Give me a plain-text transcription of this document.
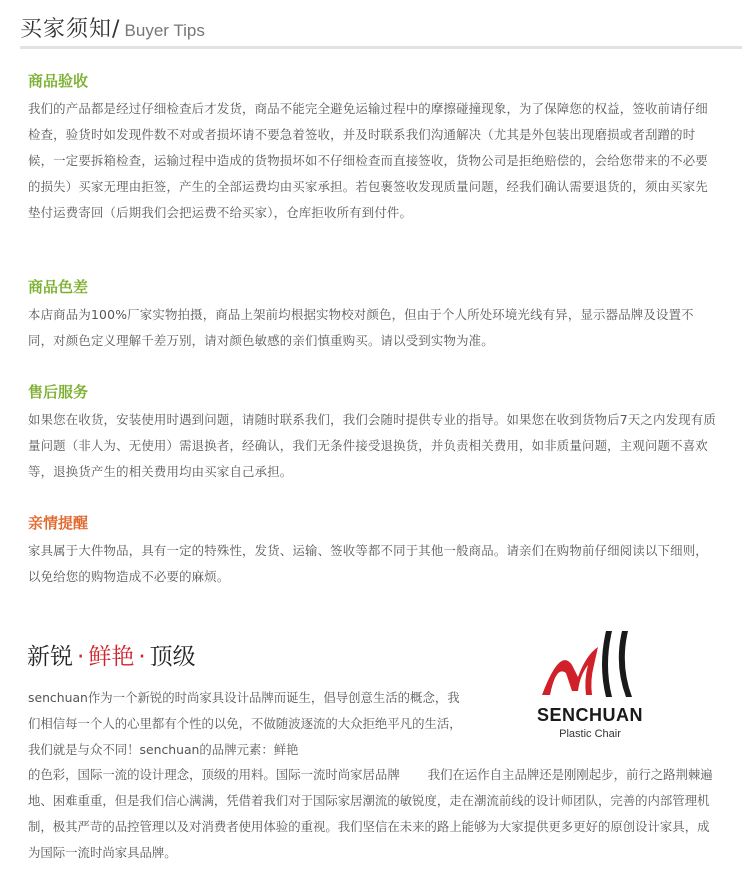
买家须知/ Buyer Tips
商品验收

我们的产品都是经过仔细检查后才发货，商品不能完全避免运输过程中的摩擦碰撞现象，为了保障您的权益，签收前请仔细检查，验货时如发现件数不对或者损坏请不要急着签收，并及时联系我们沟通解决（尤其是外包装出现磨损或者刮蹭的时候，一定要拆箱检查，运输过程中造成的货物损坏如不仔细检查而直接签收，货物公司是拒绝赔偿的，会给您带来的不必要的损失）买家无理由拒签，产生的全部运费均由买家承担。若包裹签收发现质量问题，经我们确认需要退货的，须由买家先垫付运费寄回（后期我们会把运费不给买家），仓库拒收所有到付件。

商品色差

本店商品为100%厂家实物拍摄，商品上架前均根据实物校对颜色，但由于个人所处环境光线有异，显示器品牌及设置不同，对颜色定义理解千差万别，请对颜色敏感的亲们慎重购买。请以受到实物为准。

售后服务

如果您在收货，安装使用时遇到问题，请随时联系我们，我们会随时提供专业的指导。如果您在收到货物后7天之内发现有质量问题（非人为、无使用）需退换者，经确认，我们无条件接受退换货，并负责相关费用，如非质量问题，主观问题不喜欢等，退换货产生的相关费用均由买家自己承担。

亲情提醒

家具属于大件物品，具有一定的特殊性，发货、运输、签收等都不同于其他一般商品。请亲们在购物前仔细阅读以下细则，以免给您的购物造成不必要的麻烦。

新锐 · 鲜艳 · 顶级
SENCHUAN
Plastic Chair
senchuan作为一个新锐的时尚家具设计品牌而诞生，倡导创意生活的概念，我们相信每一个人的心里都有个性的以免，不做随波逐流的大众拒绝平凡的生活，我们就是与众不同！senchuan的品牌元素：鲜艳
的色彩，国际一流的设计理念，顶级的用料。国际一流时尚家居品牌 我们在运作自主品牌还是刚刚起步，前行之路荆棘遍地、困难重重，但是我们信心满满，凭借着我们对于国际家居潮流的敏锐度，走在潮流前线的设计师团队，完善的内部管理机制，极其严苛的品控管理以及对消费者使用体验的重视。我们坚信在未来的路上能够为大家提供更多更好的原创设计家具，成为国际一流时尚家具品牌。
